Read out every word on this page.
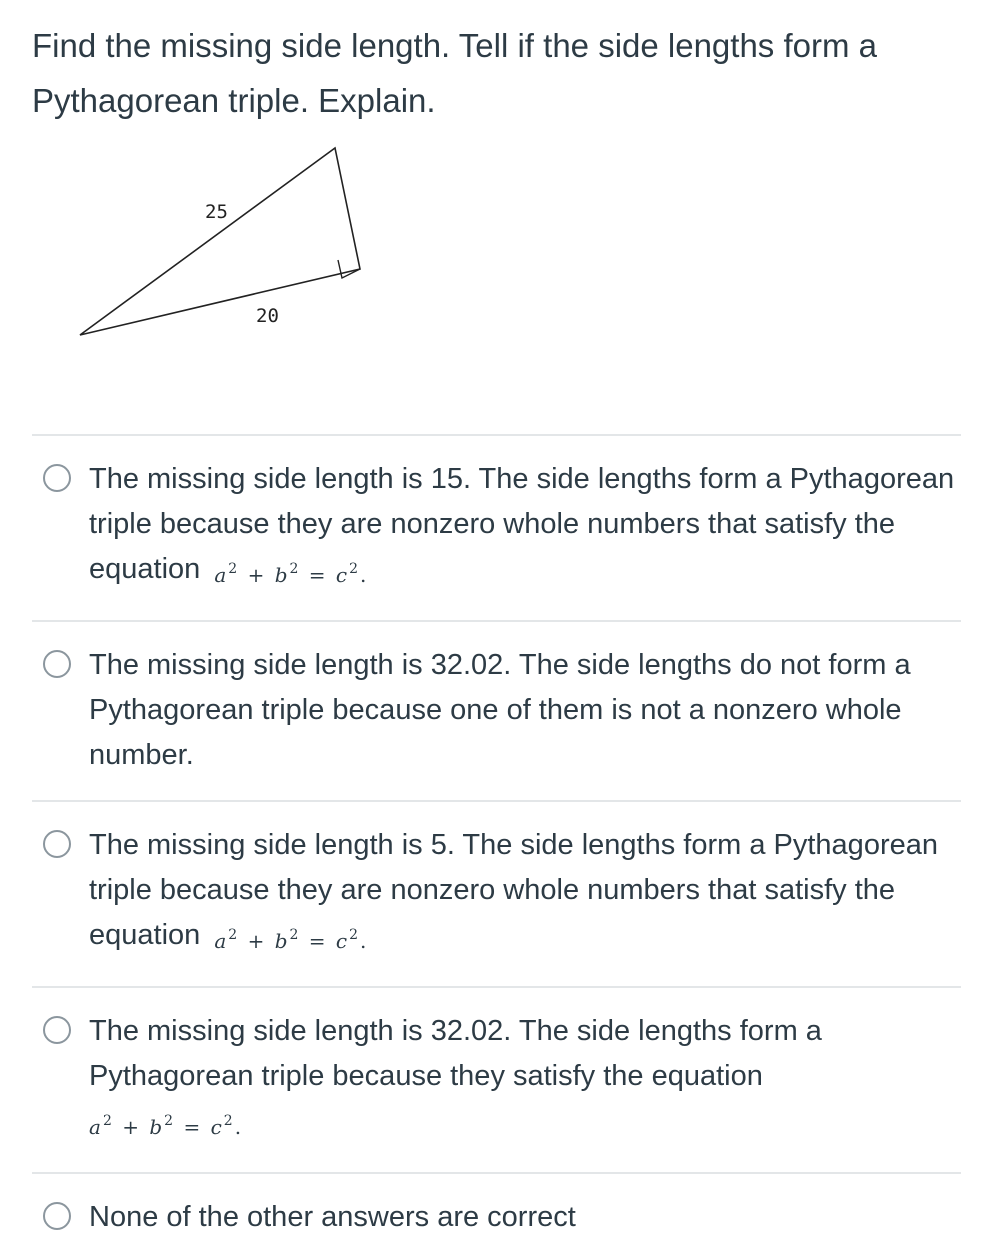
Find the missing side length. Tell if the side lengths form a Pythagorean triple. Explain.
25
20
The missing side length is 15. The side lengths form a Pythagorean triple because they are nonzero whole numbers that satisfy the equation $a^2 + b^2 = c^2$.
The missing side length is 32.02. The side lengths do not form a Pythagorean triple because one of them is not a nonzero whole number.
The missing side length is 5. The side lengths form a Pythagorean triple because they are nonzero whole numbers that satisfy the equation $a^2 + b^2 = c^2$.
The missing side length is 32.02. The side lengths form a Pythagorean triple because they satisfy the equation
$a^2 + b^2 = c^2$.
None of the other answers are correct
